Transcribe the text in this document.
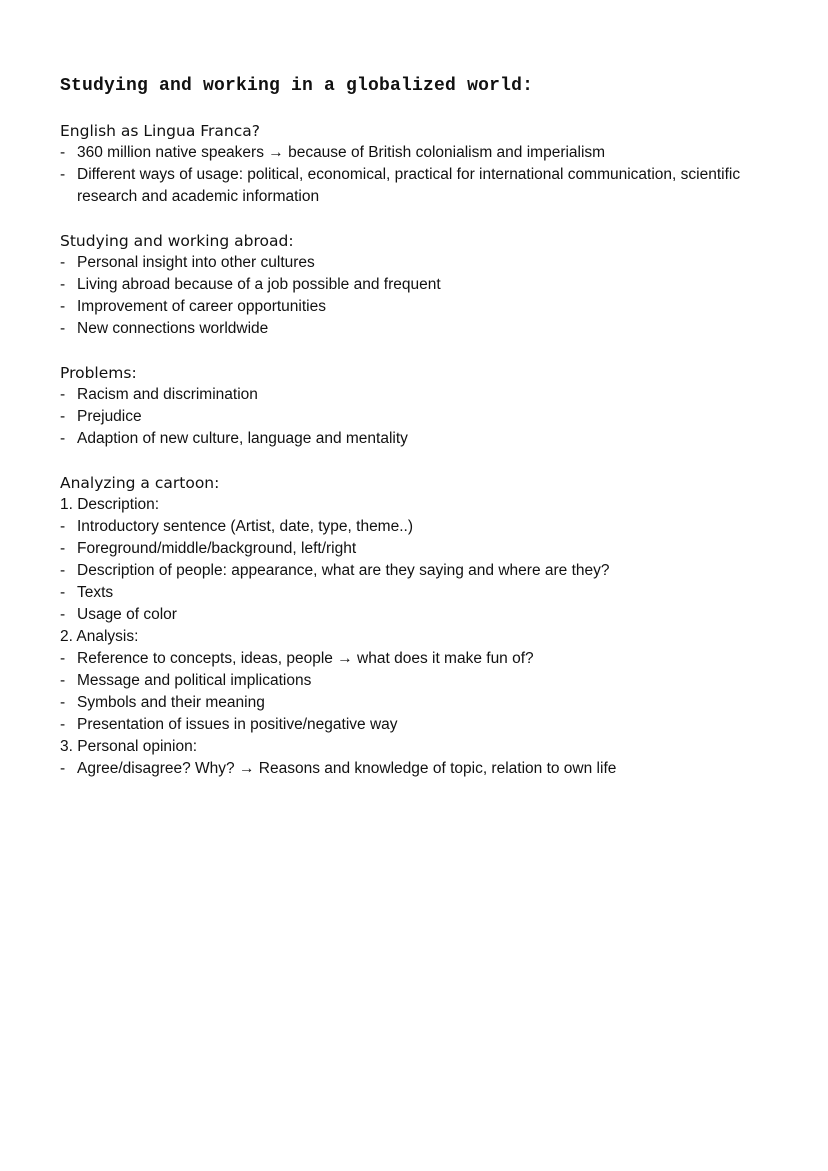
Studying and working in a globalized world:
English as Lingua Franca?
- 360 million native speakers → because of British colonialism and imperialism
- Different ways of usage: political, economical, practical for international communication, scientific research and academic information
Studying and working abroad:
- Personal insight into other cultures
- Living abroad because of a job possible and frequent
- Improvement of career opportunities
- New connections worldwide
Problems:
- Racism and discrimination
- Prejudice
- Adaption of new culture, language and mentality
Analyzing a cartoon:

1. Description:

- Introductory sentence (Artist, date, type, theme..)
- Foreground/middle/background, left/right
- Description of people: appearance, what are they saying and where are they?
- Texts
- Usage of color

2. Analysis:

- Reference to concepts, ideas, people → what does it make fun of?
- Message and political implications
- Symbols and their meaning
- Presentation of issues in positive/negative way

3. Personal opinion:

- Agree/disagree? Why? → Reasons and knowledge of topic, relation to own life
